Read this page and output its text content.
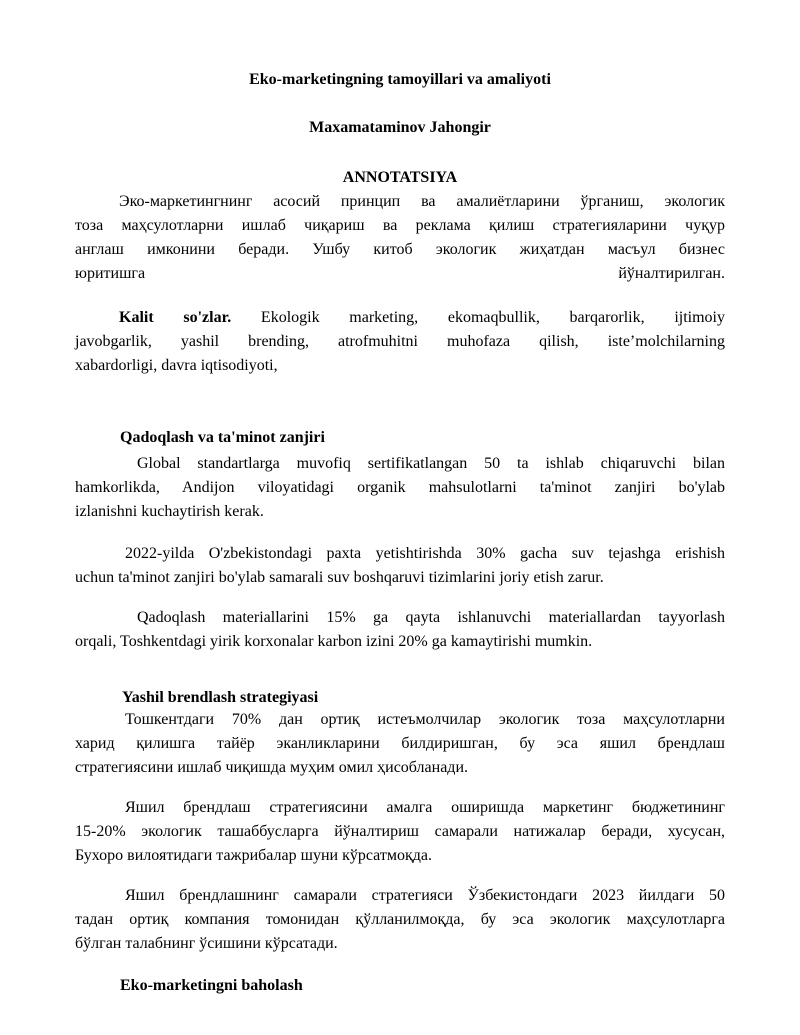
Eko-marketingning tamoyillari va amaliyoti
Maxamataminov Jahongir
ANNOTATSIYA
Эко-маркетингнинг асосий принцип ва амалиётларини ўрганиш, экологик
тоза маҳсулотларни ишлаб чиқариш ва реклама қилиш стратегияларини чуқур
англаш имконини беради. Ушбу китоб экологик жиҳатдан масъул бизнес
юритишга	йўналтирилган.
Kalit so'zlar. Ekologik marketing, ekomaqbullik, barqarorlik, ijtimoiy
javobgarlik, yashil brending, atrofmuhitni muhofaza qilish, iste’molchilarning
xabardorligi, davra iqtisodiyoti,
Qadoqlash va ta'minot zanjiri
Global standartlarga muvofiq sertifikatlangan 50 ta ishlab chiqaruvchi bilan
hamkorlikda, Andijon viloyatidagi organik mahsulotlarni ta'minot zanjiri bo'ylab
izlanishni kuchaytirish kerak.
2022-yilda O'zbekistondagi paxta yetishtirishda 30% gacha suv tejashga erishish
uchun ta'minot zanjiri bo'ylab samarali suv boshqaruvi tizimlarini joriy etish zarur.
Qadoqlash materiallarini 15% ga qayta ishlanuvchi materiallardan tayyorlash
orqali, Toshkentdagi yirik korxonalar karbon izini 20% ga kamaytirishi mumkin.
Yashil brendlash strategiyasi
Тошкентдаги 70% дан ортиқ истеъмолчилар экологик тоза маҳсулотларни
харид қилишга тайёр эканликларини билдиришган, бу эса яшил брендлаш
стратегиясини ишлаб чиқишда муҳим омил ҳисобланади.
Яшил брендлаш стратегиясини амалга оширишда маркетинг бюджетининг
15-20% экологик ташаббусларга йўналтириш самарали натижалар беради, хусусан,
Бухоро вилоятидаги тажрибалар шуни кўрсатмоқда.
Яшил брендлашнинг самарали стратегияси Ўзбекистондаги 2023 йилдаги 50
тадан ортиқ компания томонидан қўлланилмоқда, бу эса экологик маҳсулотларга
бўлган талабнинг ўсишини кўрсатади.
Eko-marketingni baholash
